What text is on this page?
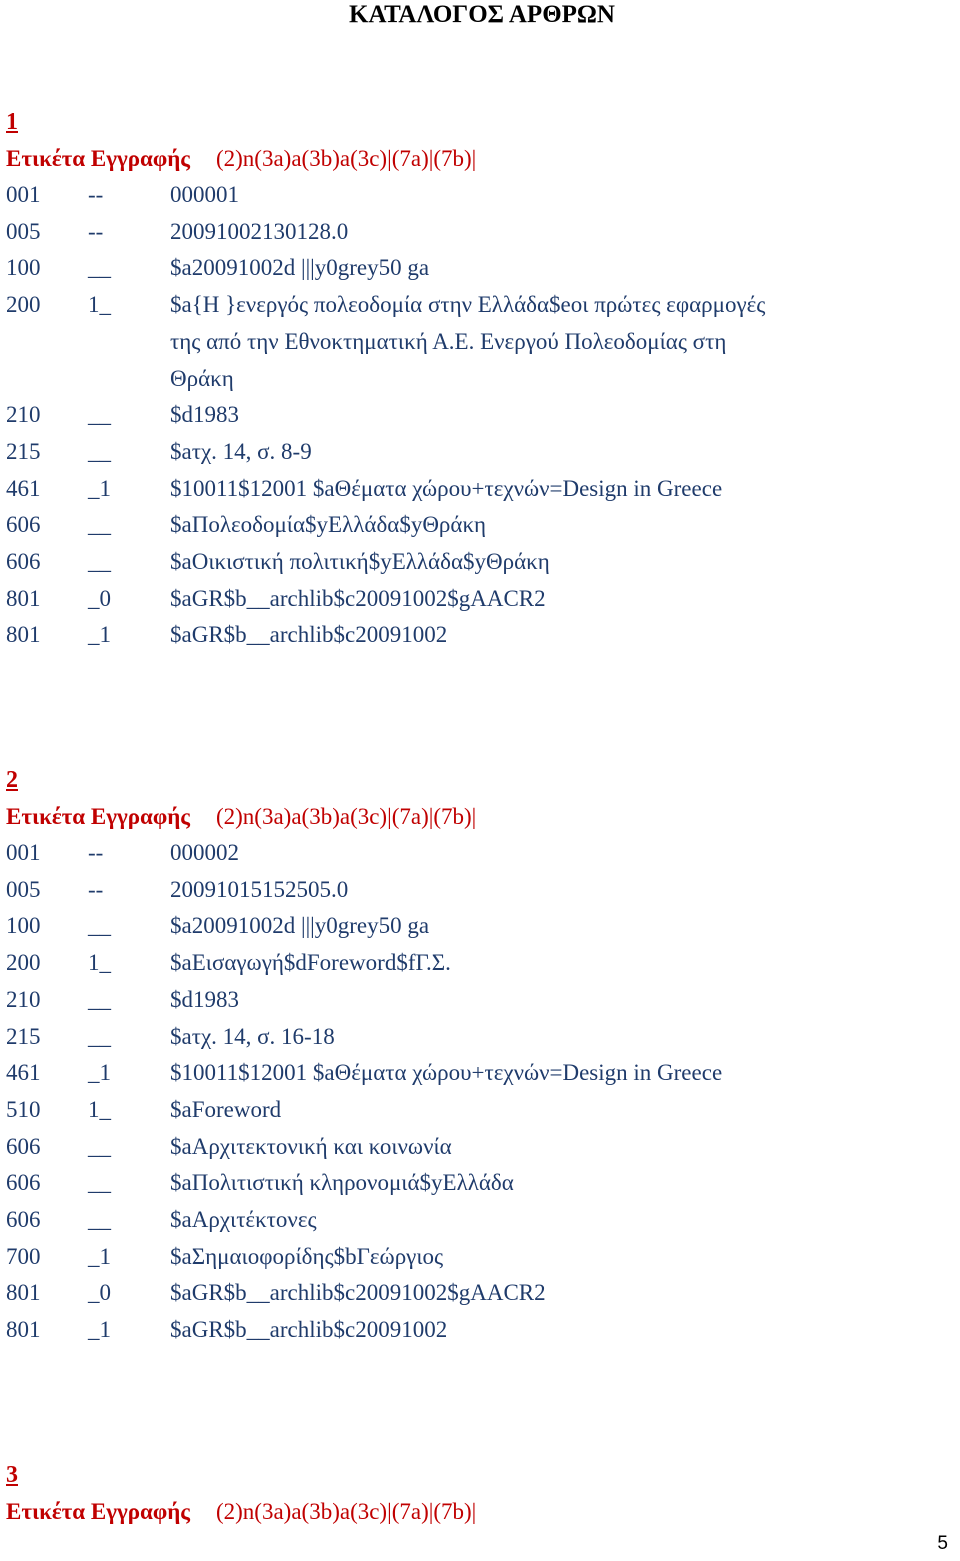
ΚΑΤΑΛΟΓΟΣ ΑΡΘΡΩΝ
1
Ετικέτα Εγγραφής (2)n(3a)a(3b)a(3c)|(7a)|(7b)|
001	--	000001
005	--	20091002130128.0
100	__	$a20091002d |||y0grey50 ga
200	1_	$a{Η }ενεργός πολεοδομία στην Ελλάδα$eοι πρώτες εφαρμογές της από την Εθνοκτηματική Α.Ε. Ενεργού Πολεοδομίας στη Θράκη
210	__	$d1983
215	__	$aτχ. 14, σ. 8-9
461	_1	$10011$12001 $aΘέματα χώρου+τεχνών=Design in Greece
606	__	$aΠολεοδομία$yΕλλάδα$yΘράκη
606	__	$aΟικιστική πολιτική$yΕλλάδα$yΘράκη
801	_0	$aGR$b__archlib$c20091002$gAACR2
801	_1	$aGR$b__archlib$c20091002
2
Ετικέτα Εγγραφής (2)n(3a)a(3b)a(3c)|(7a)|(7b)|
001	--	000002
005	--	20091015152505.0
100	__	$a20091002d |||y0grey50 ga
200	1_	$aΕισαγωγή$dForeword$fΓ.Σ.
210	__	$d1983
215	__	$aτχ. 14, σ. 16-18
461	_1	$10011$12001 $aΘέματα χώρου+τεχνών=Design in Greece
510	1_	$aForeword
606	__	$aΑρχιτεκτονική και κοινωνία
606	__	$aΠολιτιστική κληρονομιά$yΕλλάδα
606	__	$aΑρχιτέκτονες
700	_1	$aΣημαιοφορίδης$bΓεώργιος
801	_0	$aGR$b__archlib$c20091002$gAACR2
801	_1	$aGR$b__archlib$c20091002
3
Ετικέτα Εγγραφής (2)n(3a)a(3b)a(3c)|(7a)|(7b)|
5
